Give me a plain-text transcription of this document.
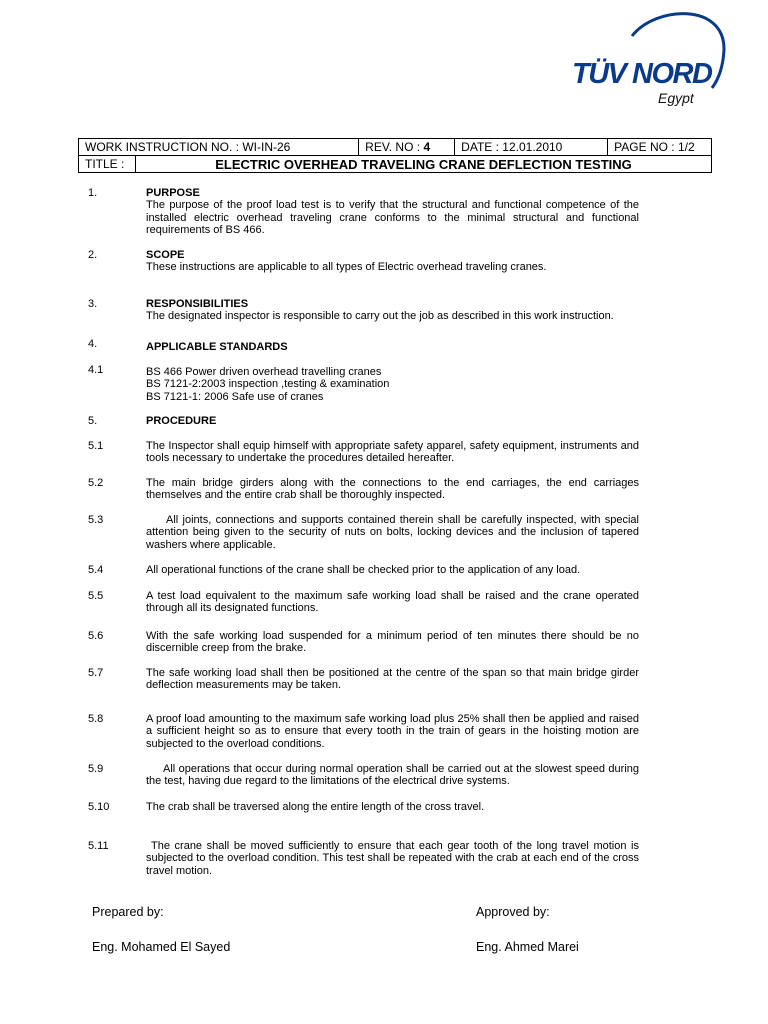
TÜV NORD
Egypt
WORK INSTRUCTION NO. : WI-IN-26		REV. NO : 4	DATE : 12.01.2010	PAGE NO : 1/2
TITLE :	ELECTRIC OVERHEAD TRAVELING CRANE DEFLECTION TESTING			
1.	PURPOSE
The purpose of the proof load test is to verify that the structural and functional competence of the installed electric overhead traveling crane conforms to the minimal structural and functional requirements of BS 466.
2.	SCOPE
These instructions are applicable to all types of Electric overhead traveling cranes.
3.	RESPONSIBILITIES
The designated inspector is responsible to carry out the job as described in this work instruction.
4.	APPLICABLE STANDARDS
4.1	BS 466 Power driven overhead travelling cranes
BS 7121-2:2003 inspection ,testing & examination
BS 7121-1: 2006 Safe use of cranes
5.	PROCEDURE
5.1	The Inspector shall equip himself with appropriate safety apparel, safety equipment, instruments and tools necessary to undertake the procedures detailed hereafter.
5.2	The main bridge girders along with the connections to the end carriages, the end carriages themselves and the entire crab shall be thoroughly inspected.
5.3	All joints, connections and supports contained therein shall be carefully inspected, with special attention being given to the security of nuts on bolts, locking devices and the inclusion of tapered washers where applicable.
5.4	All operational functions of the crane shall be checked prior to the application of any load.
5.5	A test load equivalent to the maximum safe working load shall be raised and the crane operated through all its designated functions.
5.6	With the safe working load suspended for a minimum period of ten minutes there should be no discernible creep from the brake.
5.7	The safe working load shall then be positioned at the centre of the span so that main bridge girder deflection measurements may be taken.
5.8	A proof load amounting to the maximum safe working load plus 25% shall then be applied and raised a sufficient height so as to ensure that every tooth in the train of gears in the hoisting motion are subjected to the overload conditions.
5.9	All operations that occur during normal operation shall be carried out at the slowest speed during the test, having due regard to the limitations of the electrical drive systems.
5.10	The crab shall be traversed along the entire length of the cross travel.
5.11	The crane shall be moved sufficiently to ensure that each gear tooth of the long travel motion is subjected to the overload condition. This test shall be repeated with the crab at each end of the cross travel motion.
Prepared by:
Eng. Mohamed El Sayed
Approved by:
Eng. Ahmed Marei
